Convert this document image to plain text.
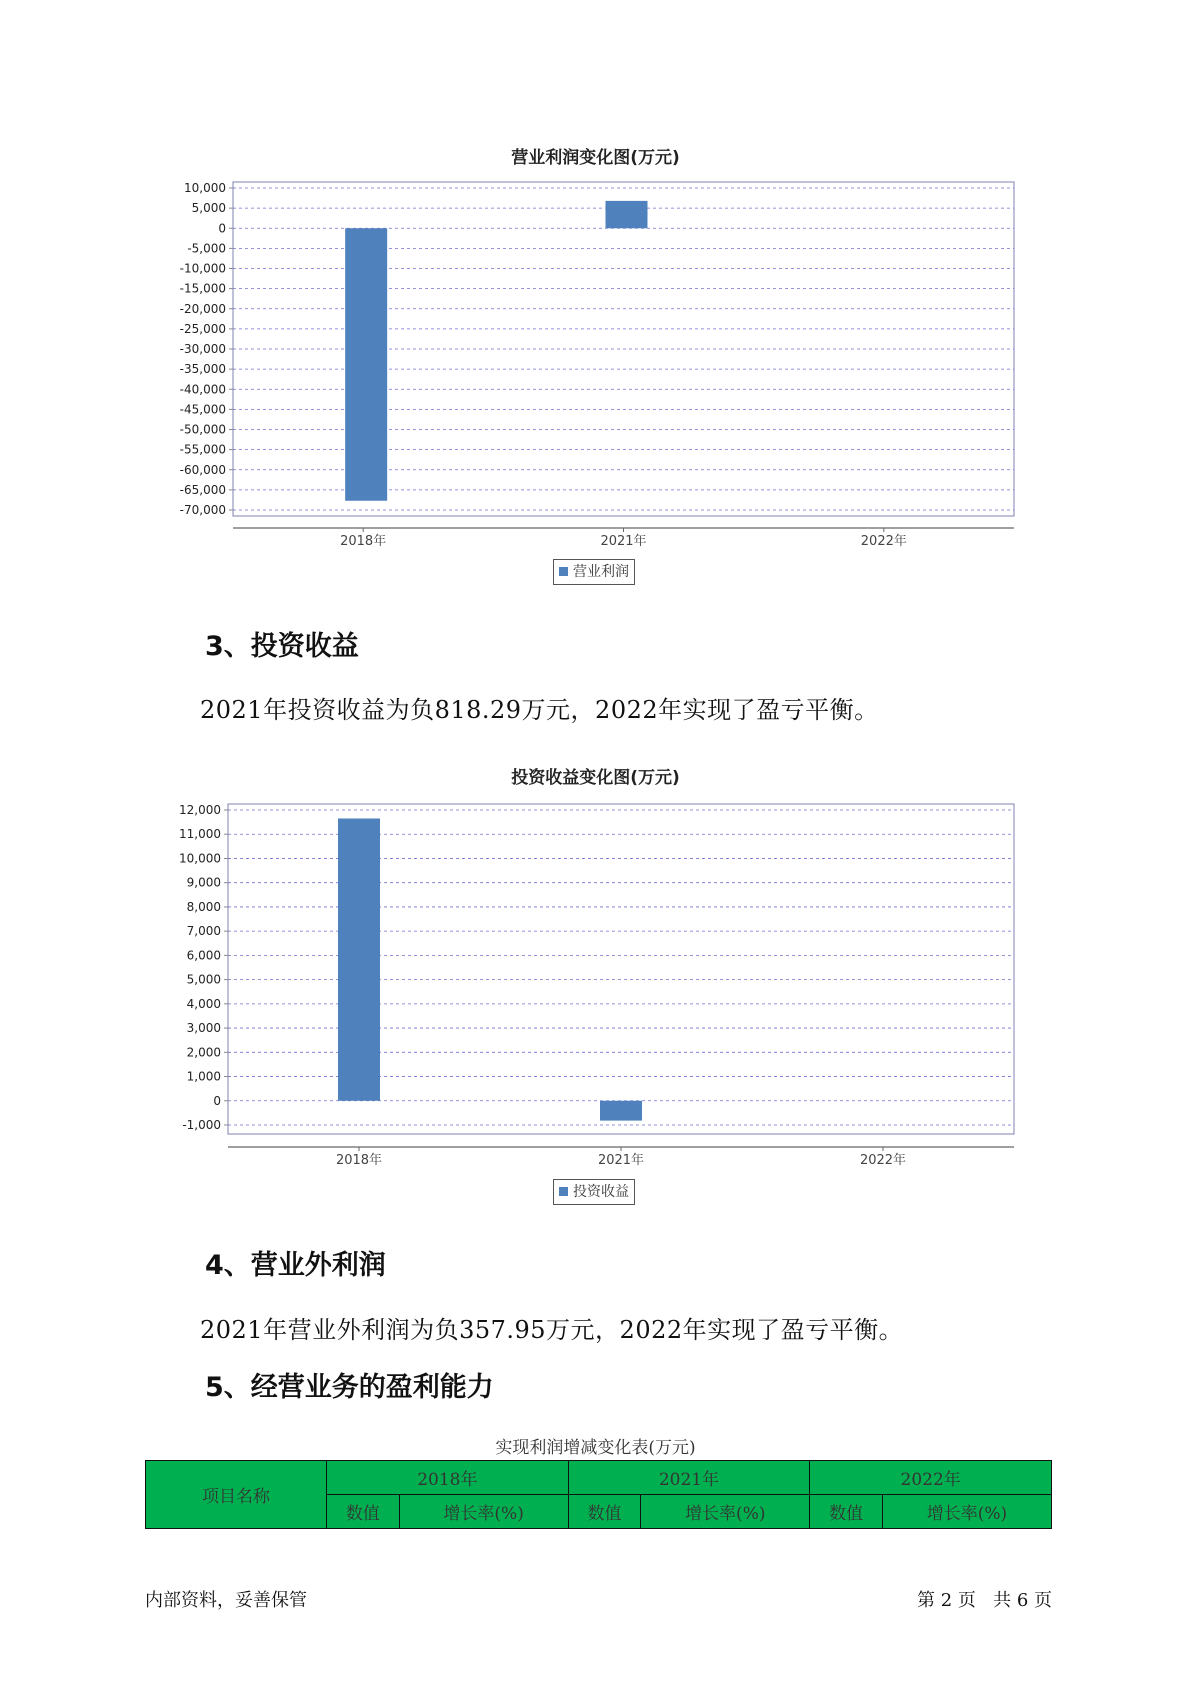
营业利润变化图(万元)
10,000
5,000
0
-5,000
-10,000
-15,000
-20,000
-25,000
-30,000
-35,000
-40,000
-45,000
-50,000
-55,000
-60,000
-65,000
-70,000
2018年	2021年	2022年
营业利润
3、投资收益
2021年投资收益为负818.29万元，2022年实现了盈亏平衡。
投资收益变化图(万元)
12,000
11,000
10,000
9,000
8,000
7,000
6,000
5,000
4,000
3,000
2,000
1,000
0
-1,000
2018年	2021年	2022年
投资收益
4、营业外利润
2021年营业外利润为负357.95万元，2022年实现了盈亏平衡。
5、经营业务的盈利能力
实现利润增减变化表(万元)
项目名称	2018年		2021年		2022年	
	数值	增长率(%)	数值	增长率(%)	数值	增长率(%)
内部资料，妥善保管	第 2 页   共 6 页
